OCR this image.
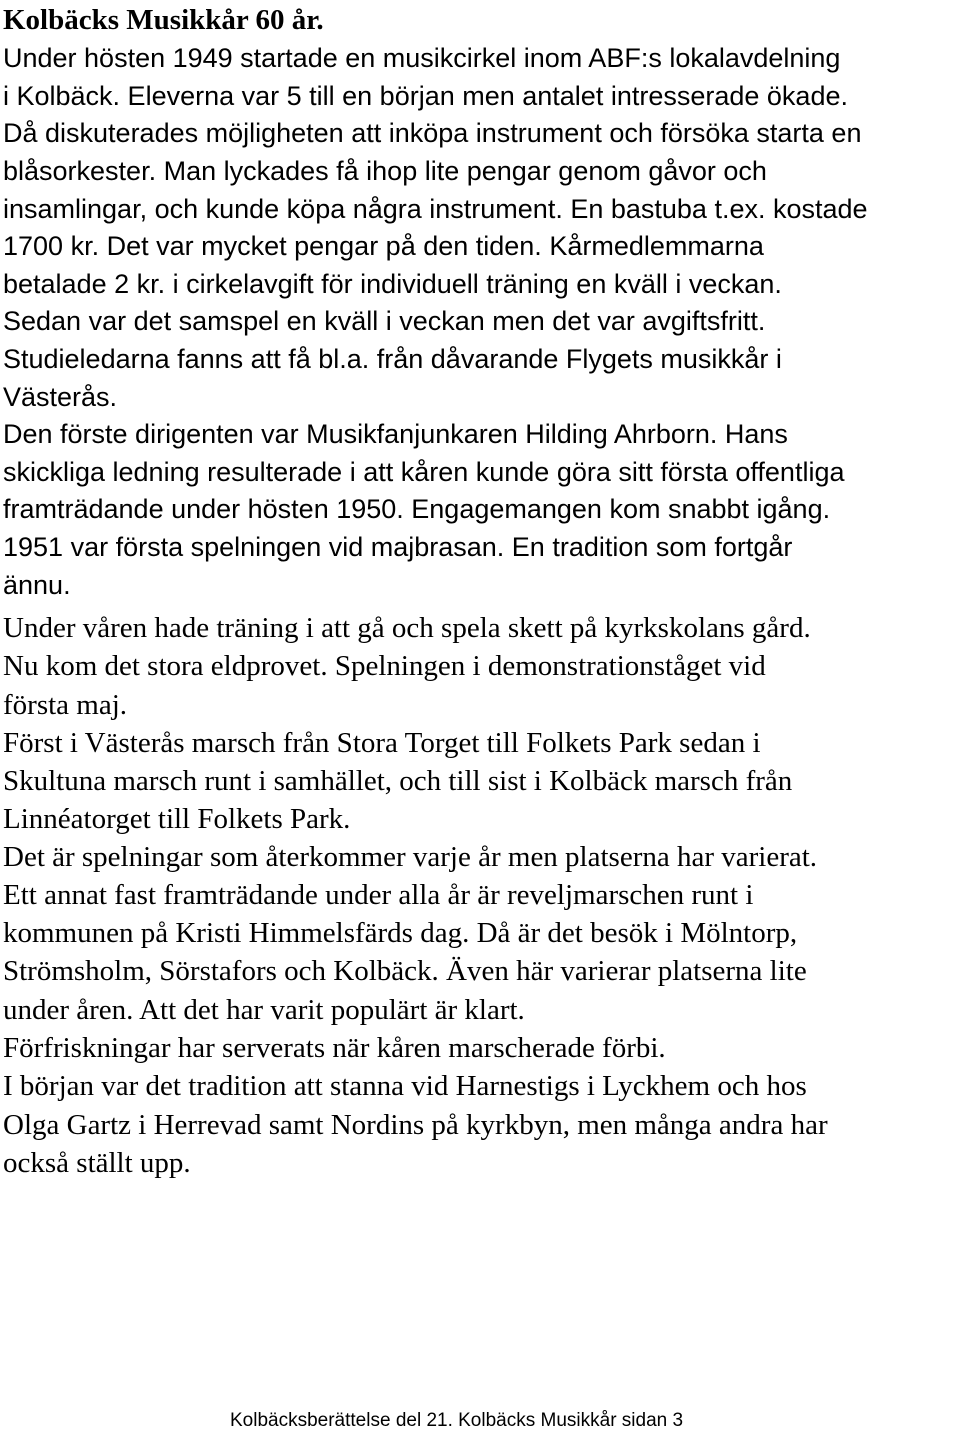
Kolbäcks Musikkår 60 år.

Under hösten 1949 startade en musikcirkel inom ABF:s lokalavdelning

i Kolbäck. Eleverna var 5 till en början men antalet intresserade ökade.

Då diskuterades möjligheten att inköpa instrument och försöka starta en

blåsorkester. Man lyckades få ihop lite pengar genom gåvor och

insamlingar, och kunde köpa några instrument. En bastuba t.ex. kostade

1700 kr. Det var mycket pengar på den tiden. Kårmedlemmarna

betalade 2 kr. i cirkelavgift för individuell träning en kväll i veckan.

Sedan var det samspel en kväll i veckan men det var avgiftsfritt.

Studieledarna fanns att få bl.a. från dåvarande Flygets musikkår i

Västerås.

Den förste dirigenten var Musikfanjunkaren Hilding Ahrborn. Hans

skickliga ledning resulterade i att kåren kunde göra sitt första offentliga

framträdande under hösten 1950. Engagemangen kom snabbt igång.

1951 var första spelningen vid majbrasan. En tradition som fortgår

ännu.

Under våren hade träning i att gå och spela skett på kyrkskolans gård.

Nu kom det stora eldprovet. Spelningen i demonstrationståget vid

första maj.

Först i Västerås marsch från Stora Torget till Folkets Park sedan i

Skultuna marsch runt i samhället, och till sist i Kolbäck marsch från

Linnéatorget till Folkets Park.

Det är spelningar som återkommer varje år men platserna har varierat.

Ett annat fast framträdande under alla år är reveljmarschen runt i

kommunen på Kristi Himmelsfärds dag. Då är det besök i Mölntorp,

Strömsholm, Sörstafors och Kolbäck. Även här varierar platserna lite

under åren. Att det har varit populärt är klart.

Förfriskningar har serverats när kåren marscherade förbi.

I början var det tradition att stanna vid Harnestigs i Lyckhem och hos

Olga Gartz i Herrevad samt Nordins på kyrkbyn, men många andra har

också ställt upp.

Kolbäcksberättelse del 21. Kolbäcks Musikkår sidan 3
